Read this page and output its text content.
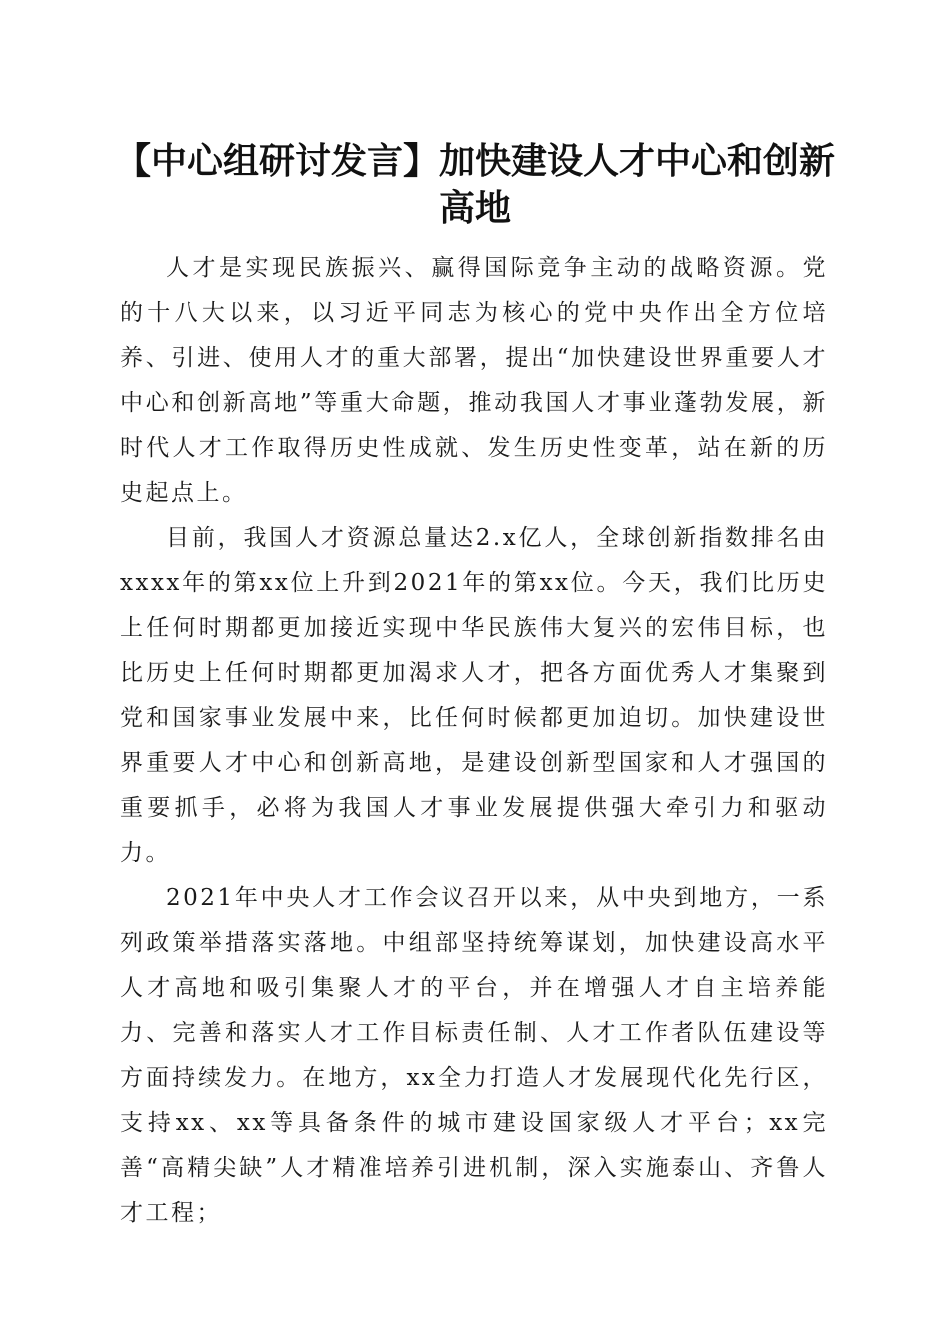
【中心组研讨发言】加快建设人才中心和创新高地

人才是实现民族振兴、赢得国际竞争主动的战略资源。党的十八大以来，以习近平同志为核心的党中央作出全方位培养、引进、使用人才的重大部署，提出“加快建设世界重要人才中心和创新高地”等重大命题，推动我国人才事业蓬勃发展，新时代人才工作取得历史性成就、发生历史性变革，站在新的历史起点上。

目前，我国人才资源总量达2.x亿人，全球创新指数排名由xxxx年的第xx位上升到2021年的第xx位。今天，我们比历史上任何时期都更加接近实现中华民族伟大复兴的宏伟目标，也比历史上任何时期都更加渴求人才，把各方面优秀人才集聚到党和国家事业发展中来，比任何时候都更加迫切。加快建设世界重要人才中心和创新高地，是建设创新型国家和人才强国的重要抓手，必将为我国人才事业发展提供强大牵引力和驱动力。

2021年中央人才工作会议召开以来，从中央到地方，一系列政策举措落实落地。中组部坚持统筹谋划，加快建设高水平人才高地和吸引集聚人才的平台，并在增强人才自主培养能力、完善和落实人才工作目标责任制、人才工作者队伍建设等方面持续发力。在地方，xx全力打造人才发展现代化先行区，支持xx、xx等具备条件的城市建设国家级人才平台；xx完善“高精尖缺”人才精准培养引进机制，深入实施泰山、齐鲁人才工程；
